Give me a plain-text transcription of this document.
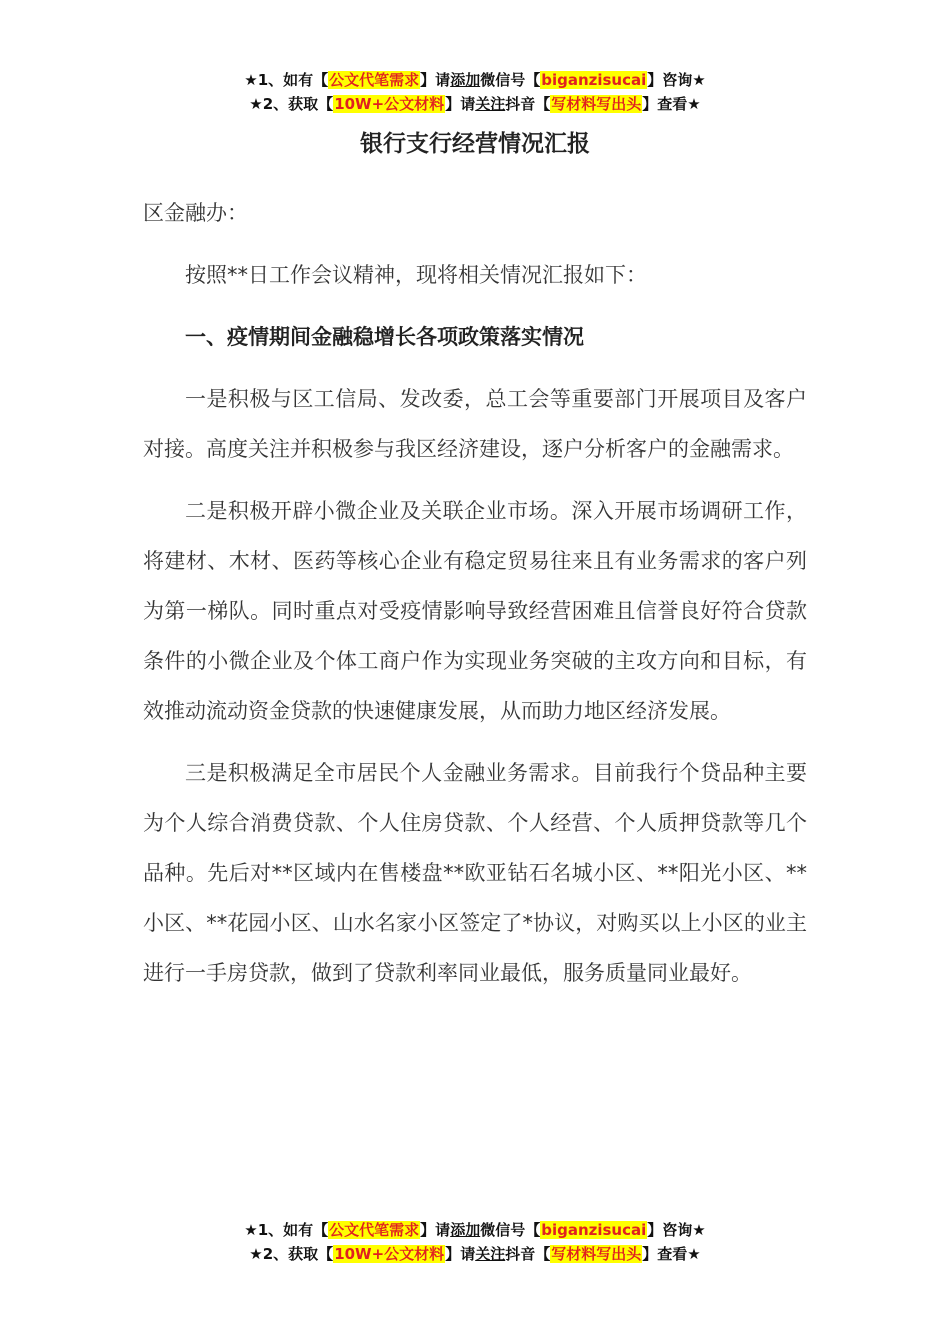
★1、如有【公文代笔需求】请添加微信号【biganzisucai】咨询★
★2、获取【10W+公文材料】请关注抖音【写材料写出头】查看★
银行支行经营情况汇报

区金融办：

按照**日工作会议精神，现将相关情况汇报如下：

一、疫情期间金融稳增长各项政策落实情况

一是积极与区工信局、发改委，总工会等重要部门开展项目及客户对接。高度关注并积极参与我区经济建设，逐户分析客户的金融需求。

二是积极开辟小微企业及关联企业市场。深入开展市场调研工作，将建材、木材、医药等核心企业有稳定贸易往来且有业务需求的客户列为第一梯队。同时重点对受疫情影响导致经营困难且信誉良好符合贷款条件的小微企业及个体工商户作为实现业务突破的主攻方向和目标，有效推动流动资金贷款的快速健康发展，从而助力地区经济发展。

三是积极满足全市居民个人金融业务需求。目前我行个贷品种主要为个人综合消费贷款、个人住房贷款、个人经营、个人质押贷款等几个品种。先后对**区域内在售楼盘**欧亚钻石名城小区、**阳光小区、**小区、**花园小区、山水名家小区签定了*协议，对购买以上小区的业主进行一手房贷款，做到了贷款利率同业最低，服务质量同业最好。

★1、如有【公文代笔需求】请添加微信号【biganzisucai】咨询★
★2、获取【10W+公文材料】请关注抖音【写材料写出头】查看★
